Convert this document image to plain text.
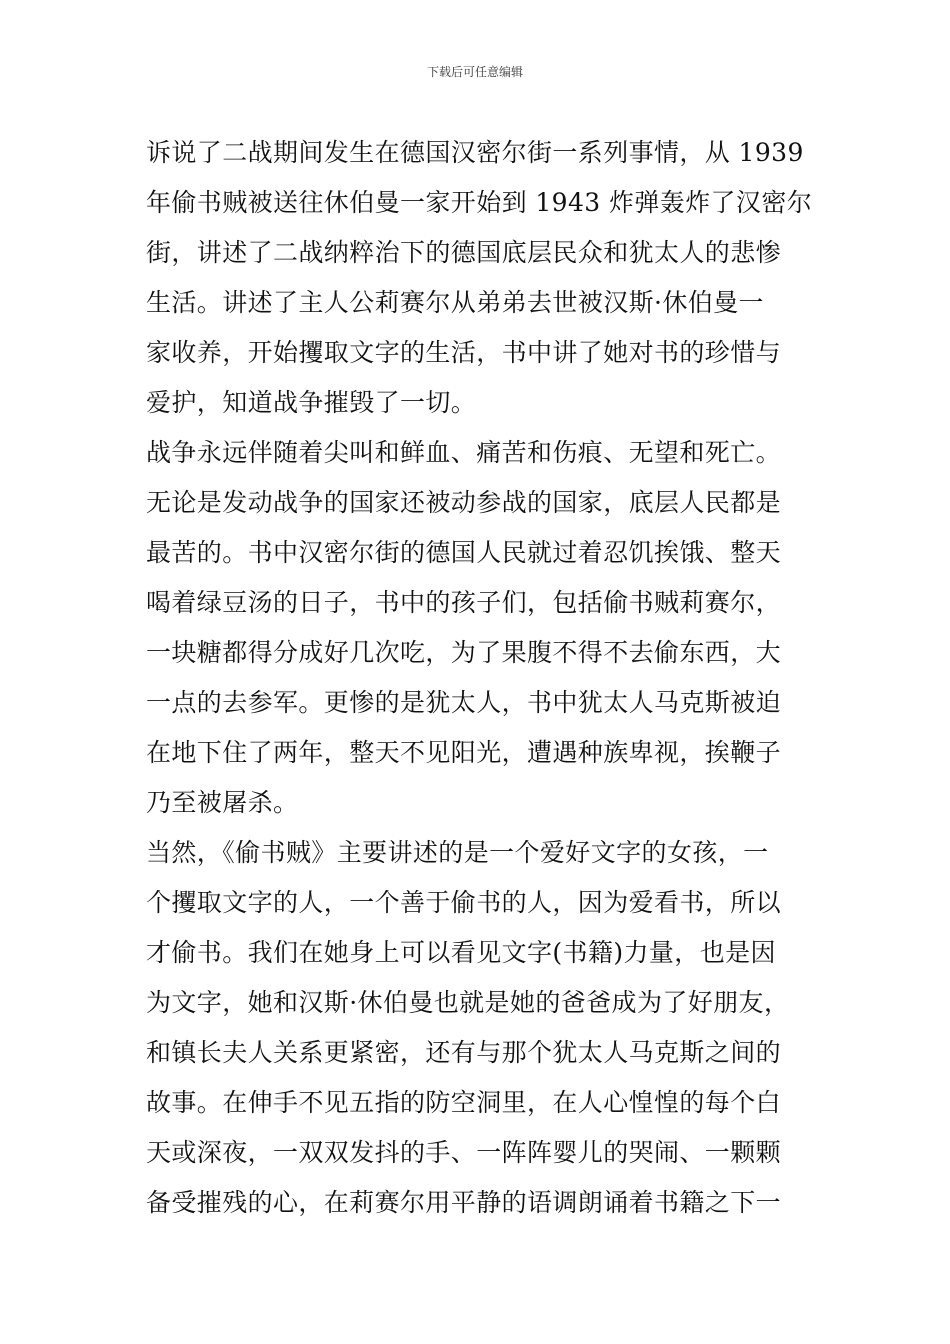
下载后可任意编辑
诉说了二战期间发生在德国汉密尔街一系列事情，从 1939
年偷书贼被送往休伯曼一家开始到 1943 炸弹轰炸了汉密尔
街，讲述了二战纳粹治下的德国底层民众和犹太人的悲惨
生活。讲述了主人公莉赛尔从弟弟去世被汉斯·休伯曼一
家收养，开始攫取文字的生活，书中讲了她对书的珍惜与
爱护，知道战争摧毁了一切。
战争永远伴随着尖叫和鲜血、痛苦和伤痕、无望和死亡。
无论是发动战争的国家还被动参战的国家，底层人民都是
最苦的。书中汉密尔街的德国人民就过着忍饥挨饿、整天
喝着绿豆汤的日子，书中的孩子们，包括偷书贼莉赛尔，
一块糖都得分成好几次吃，为了果腹不得不去偷东西，大
一点的去参军。更惨的是犹太人，书中犹太人马克斯被迫
在地下住了两年，整天不见阳光，遭遇种族卑视，挨鞭子
乃至被屠杀。
当然，《偷书贼》主要讲述的是一个爱好文字的女孩，一
个攫取文字的人，一个善于偷书的人，因为爱看书，所以
才偷书。我们在她身上可以看见文字(书籍)力量，也是因
为文字，她和汉斯·休伯曼也就是她的爸爸成为了好朋友，
和镇长夫人关系更紧密，还有与那个犹太人马克斯之间的
故事。在伸手不见五指的防空洞里，在人心惶惶的每个白
天或深夜，一双双发抖的手、一阵阵婴儿的哭闹、一颗颗
备受摧残的心，在莉赛尔用平静的语调朗诵着书籍之下一
